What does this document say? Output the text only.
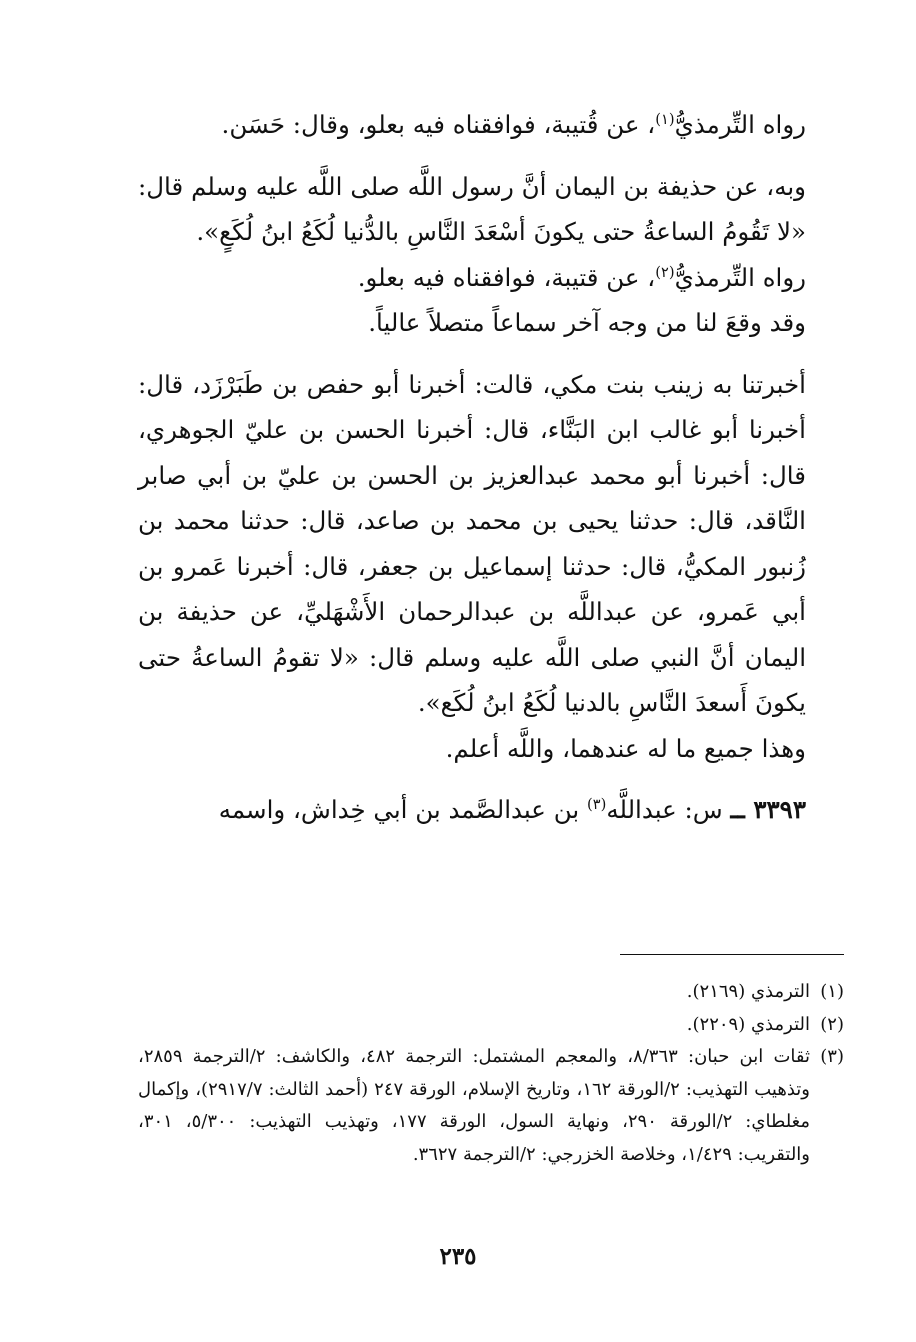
رواه التِّرمذيُّ$^{(١)}$، عن قُتيبة، فوافقناه فيه بعلو، وقال: حَسَن.

وبه، عن حذيفة بن اليمان أنَّ رسول اللَّه صلى اللَّه عليه وسلم قال: «لا تَقُومُ الساعةُ حتى يكونَ أسْعَدَ النَّاسِ بالدُّنيا لُكَعُ ابنُ لُكَعٍ».

رواه التِّرمذيُّ$^{(٢)}$، عن قتيبة، فوافقناه فيه بعلو.

وقد وقعَ لنا من وجه آخر سماعاً متصلاً عالياً.

أخبرتنا به زينب بنت مكي، قالت: أخبرنا أبو حفص بن طَبَرْزَد، قال: أخبرنا أبو غالب ابن البَنَّاء، قال: أخبرنا الحسن بن عليّ الجوهري، قال: أخبرنا أبو محمد عبدالعزيز بن الحسن بن عليّ بن أبي صابر النَّاقد، قال: حدثنا يحيى بن محمد بن صاعد، قال: حدثنا محمد بن زُنبور المكيُّ، قال: حدثنا إسماعيل بن جعفر، قال: أخبرنا عَمرو بن أبي عَمرو، عن عبداللَّه بن عبدالرحمان الأَشْهَليِّ، عن حذيفة بن اليمان أنَّ النبي صلى اللَّه عليه وسلم قال: «لا تقومُ الساعةُ حتى يكونَ أَسعدَ النَّاسِ بالدنيا لُكَعُ ابنُ لُكَع».

وهذا جميع ما له عندهما، واللَّه أعلم.

٣٣٩٣ ــ س: عبداللَّه$^{(٣)}$ بن عبدالصَّمد بن أبي خِداش، واسمه

(١)
الترمذي (٢١٦٩).
(٢)
الترمذي (٢٢٠٩).
(٣)
ثقات ابن حبان: ٨/٣٦٣، والمعجم المشتمل: الترجمة ٤٨٢، والكاشف: ٢/الترجمة ٢٨٥٩، وتذهيب التهذيب: ٢/الورقة ١٦٢، وتاريخ الإسلام، الورقة ٢٤٧ (أحمد الثالث: ٢٩١٧/٧)، وإكمال مغلطاي: ٢/الورقة ٢٩٠، ونهاية السول، الورقة ١٧٧، وتهذيب التهذيب: ٥/٣٠٠، ٣٠١، والتقريب: ١/٤٢٩، وخلاصة الخزرجي: ٢/الترجمة ٣٦٢٧.
٢٣٥
